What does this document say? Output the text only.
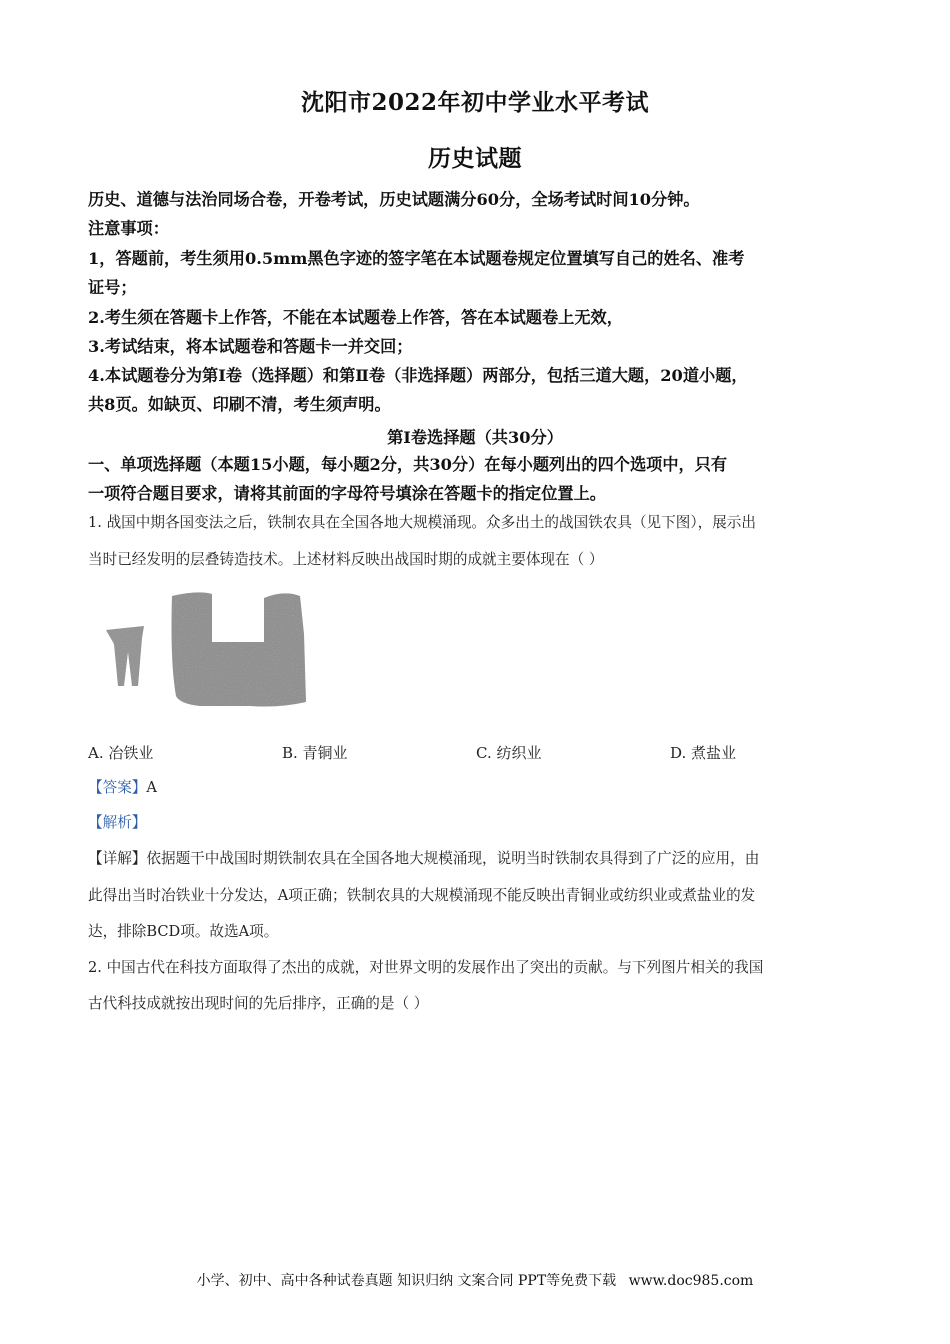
沈阳市2022年初中学业水平考试
历史试题
历史、道德与法治同场合卷，开卷考试，历史试题满分60分，全场考试时间10分钟。
注意事项：
1，答题前，考生须用0.5mm黑色字迹的签字笔在本试题卷规定位置填写自己的姓名、准考
证号；
2.考生须在答题卡上作答，不能在本试题卷上作答，答在本试题卷上无效，
3.考试结束，将本试题卷和答题卡一并交回；
4.本试题卷分为第Ⅰ卷（选择题）和第Ⅱ卷（非选择题）两部分，包括三道大题，20道小题，
共8页。如缺页、印刷不清，考生须声明。
第Ⅰ卷选择题（共30分）
一、单项选择题（本题15小题，每小题2分，共30分）在每小题列出的四个选项中，只有
一项符合题目要求，请将其前面的字母符号填涂在答题卡的指定位置上。
1. 战国中期各国变法之后，铁制农具在全国各地大规模涌现。众多出土的战国铁农具（见下图），展示出
当时已经发明的层叠铸造技术。上述材料反映出战国时期的成就主要体现在（ ）
A. 冶铁业	B. 青铜业	C. 纺织业	D. 煮盐业
【答案】A
【解析】
【详解】依据题干中战国时期铁制农具在全国各地大规模涌现，说明当时铁制农具得到了广泛的应用，由
此得出当时冶铁业十分发达，A项正确；铁制农具的大规模涌现不能反映出青铜业或纺织业或煮盐业的发
达，排除BCD项。故选A项。
2. 中国古代在科技方面取得了杰出的成就，对世界文明的发展作出了突出的贡献。与下列图片相关的我国
古代科技成就按出现时间的先后排序，正确的是（ ）
小学、初中、高中各种试卷真题 知识归纳 文案合同 PPT等免费下载 www.doc985.com
